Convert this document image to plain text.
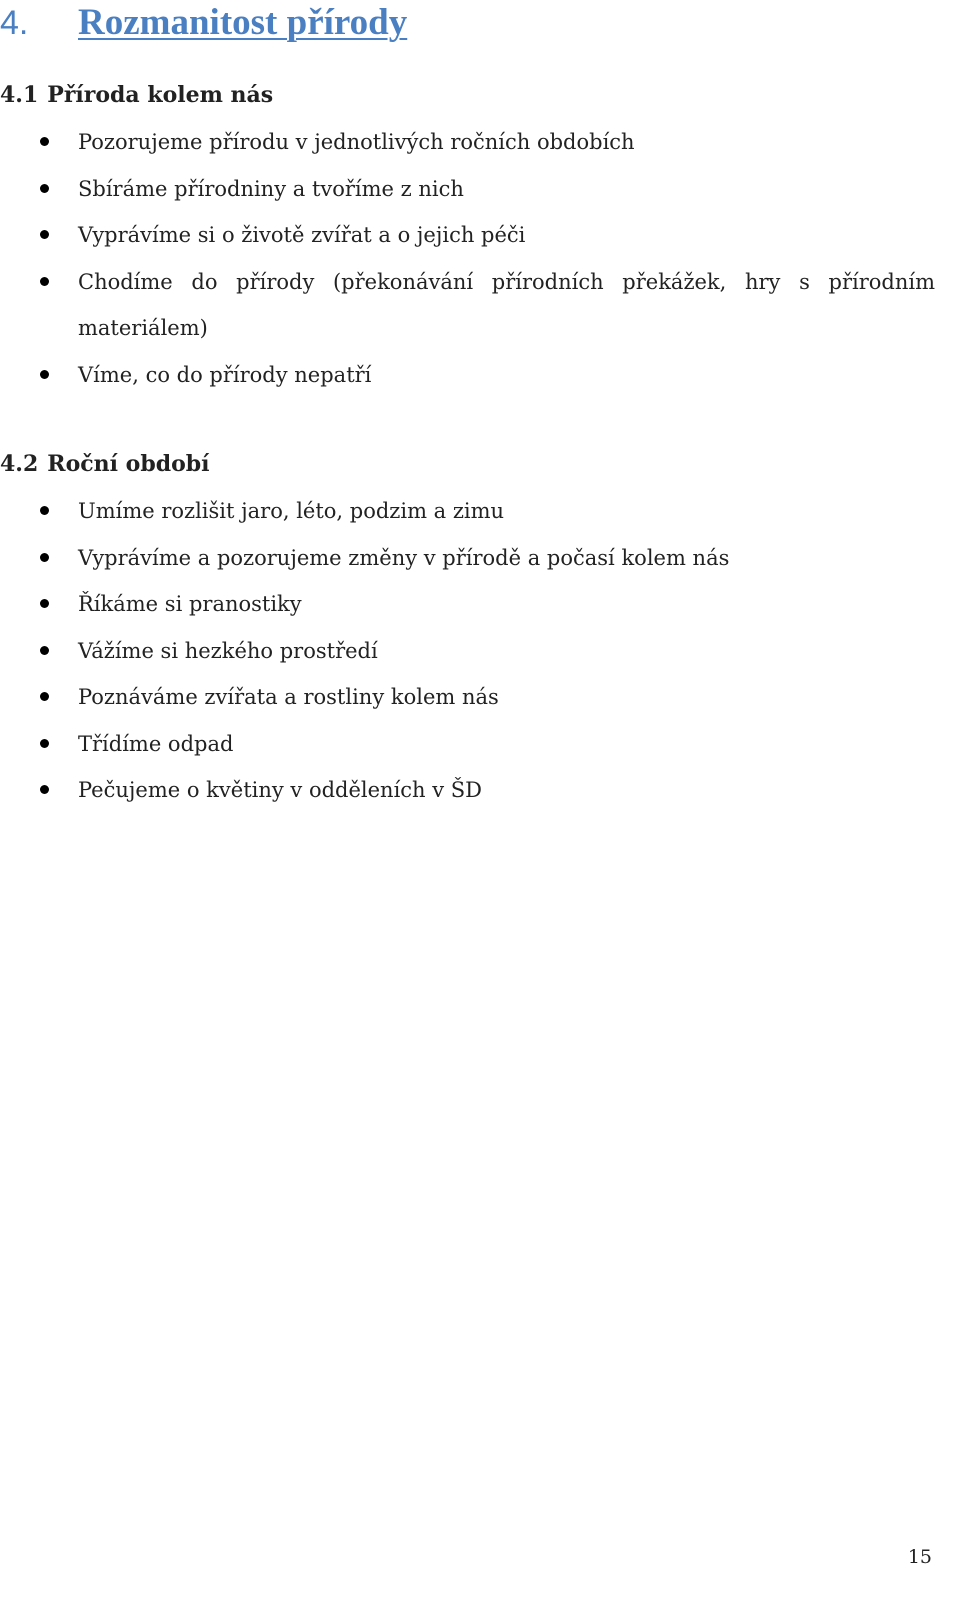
4. Rozmanitost přírody
4.1 Příroda kolem nás
Pozorujeme přírodu v jednotlivých ročních obdobích
Sbíráme přírodniny a tvoříme z nich
Vyprávíme si o životě zvířat a o jejich péči
Chodíme do přírody (překonávání přírodních překážek, hry s přírodním materiálem)
Víme, co do přírody nepatří
4.2 Roční období
Umíme rozlišit jaro, léto, podzim a zimu
Vyprávíme a pozorujeme změny v přírodě a počasí kolem nás
Říkáme si pranostiky
Vážíme si hezkého prostředí
Poznáváme zvířata a rostliny kolem nás
Třídíme odpad
Pečujeme o květiny v odděleních v ŠD
15
